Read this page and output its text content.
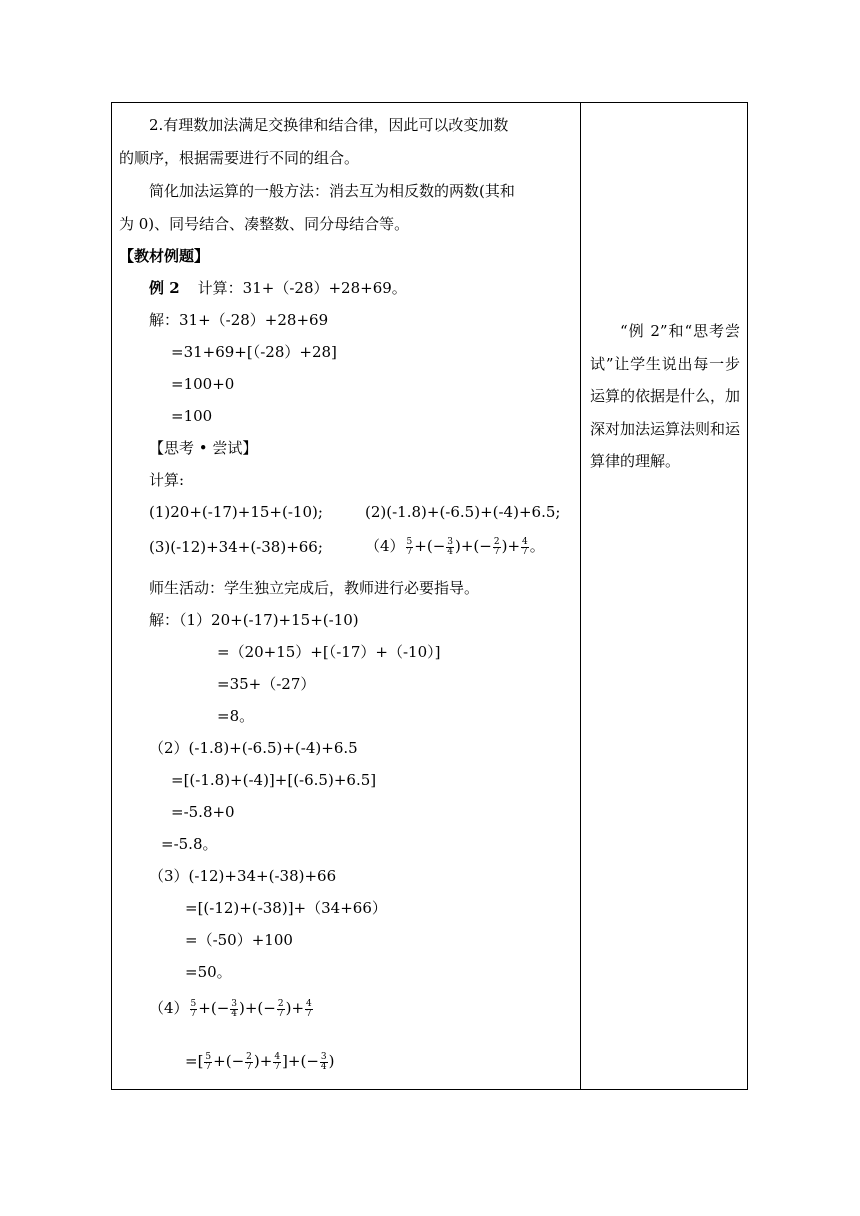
2.有理数加法满足交换律和结合律，因此可以改变加数
的顺序，根据需要进行不同的组合。
简化加法运算的一般方法：消去互为相反数的两数(其和
为 0)、同号结合、凑整数、同分母结合等。
【教材例题】
例 2 计算：31+（-28）+28+69。
解：31+（-28）+28+69
=31+69+[（-28）+28]
=100+0
=100
【思考 • 尝试】
计算:
(1)20+(-17)+15+(-10);	(2)(-1.8)+(-6.5)+(-4)+6.5;
(3)(-12)+34+(-38)+66;	$(4) \frac{5}{7}$ +(− $\frac{3}{4}$ )+(− $\frac{2}{7}$ )+ $\frac{4}{7}$ 。
师生活动：学生独立完成后，教师进行必要指导。
解：（1）20+(-17)+15+(-10)
=（20+15）+[（-17）+（-10）]
=35+（-27）
=8。
（2）(-1.8)+(-6.5)+(-4)+6.5
=[(-1.8)+(-4)]+[(-6.5)+6.5]
=-5.8+0
=-5.8。
（3）(-12)+34+(-38)+66
=[(-12)+(-38)]+（34+66）
=（-50）+100
=50。
$(4) \frac{5}{7}$ +(− $\frac{3}{4}$ )+(− $\frac{2}{7}$ )+ $\frac{4}{7}$
=[ $\frac{5}{7}$ +(− $\frac{2}{7}$ )+ $\frac{4}{7}$ ]+(− $\frac{3}{4}$ )
“例 2”和“思考尝试”让学生说出每一步运算的依据是什么，加深对加法运算法则和运算律的理解。
